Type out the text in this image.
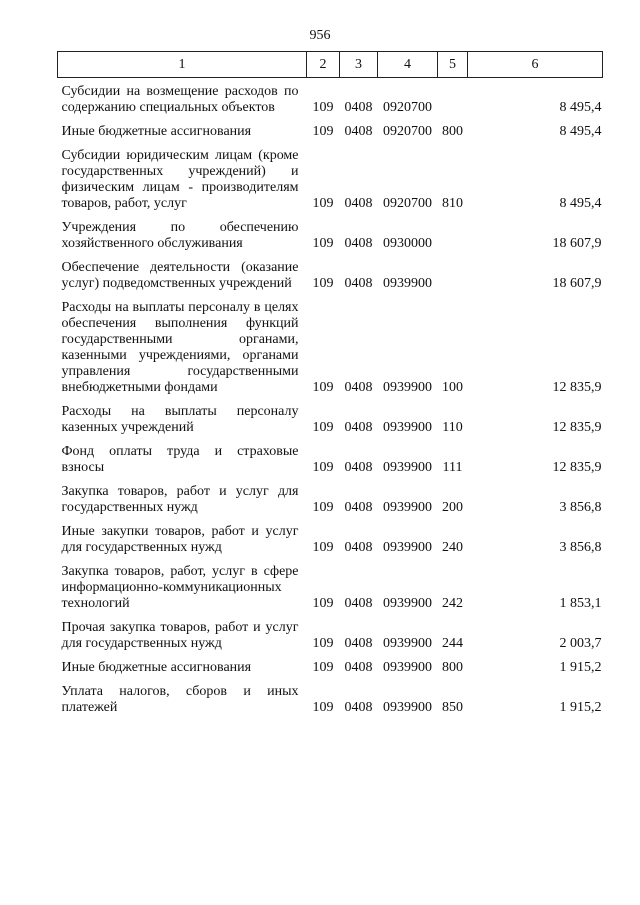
956
1	2	3	4	5	6
Субсидии на возмещение расходов по содержанию специальных объектов	109	0408	0920700		8 495,4
Иные бюджетные ассигнования	109	0408	0920700	800	8 495,4
Субсидии юридическим лицам (кроме государственных учреждений) и физическим лицам - производителям товаров, работ, услуг	109	0408	0920700	810	8 495,4
Учреждения по обеспечению хозяйственного обслуживания	109	0408	0930000		18 607,9
Обеспечение деятельности (оказание услуг) подведомственных учреждений	109	0408	0939900		18 607,9
Расходы на выплаты персоналу в целях обеспечения выполнения функций государственными органами, казенными учреждениями, органами управления государственными внебюджетными фондами	109	0408	0939900	100	12 835,9
Расходы на выплаты персоналу казенных учреждений	109	0408	0939900	110	12 835,9
Фонд оплаты труда и страховые взносы	109	0408	0939900	111	12 835,9
Закупка товаров, работ и услуг для государственных нужд	109	0408	0939900	200	3 856,8
Иные закупки товаров, работ и услуг для государственных нужд	109	0408	0939900	240	3 856,8
Закупка товаров, работ, услуг в сфере информационно-коммуникационных технологий	109	0408	0939900	242	1 853,1
Прочая закупка товаров, работ и услуг для государственных нужд	109	0408	0939900	244	2 003,7
Иные бюджетные ассигнования	109	0408	0939900	800	1 915,2
Уплата налогов, сборов и иных платежей	109	0408	0939900	850	1 915,2
